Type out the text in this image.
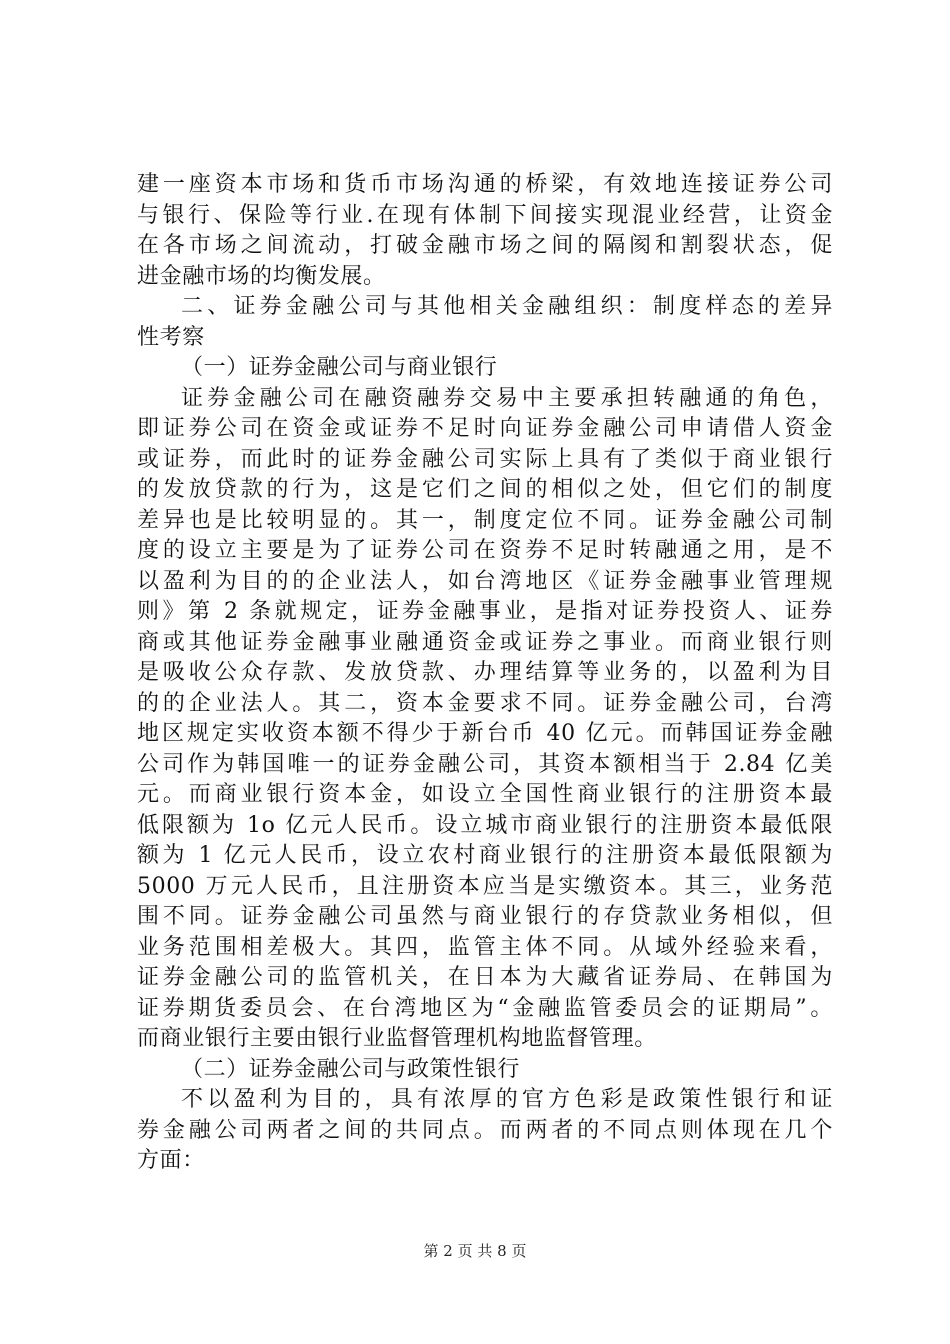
建一座资本市场和货币市场沟通的桥梁，有效地连接证券公司
与银行、保险等行业.在现有体制下间接实现混业经营，让资金
在各市场之间流动，打破金融市场之间的隔阂和割裂状态，促
进金融市场的均衡发展。
二、证券金融公司与其他相关金融组织：制度样态的差异
性考察
（一）证券金融公司与商业银行
证券金融公司在融资融券交易中主要承担转融通的角色，
即证券公司在资金或证券不足时向证券金融公司申请借人资金
或证券，而此时的证券金融公司实际上具有了类似于商业银行
的发放贷款的行为，这是它们之间的相似之处，但它们的制度
差异也是比较明显的。其一，制度定位不同。证券金融公司制
度的设立主要是为了证券公司在资券不足时转融通之用，是不
以盈利为目的的企业法人，如台湾地区《证券金融事业管理规
则》第 2 条就规定，证券金融事业，是指对证券投资人、证券
商或其他证券金融事业融通资金或证券之事业。而商业银行则
是吸收公众存款、发放贷款、办理结算等业务的，以盈利为目
的的企业法人。其二，资本金要求不同。证券金融公司，台湾
地区规定实收资本额不得少于新台币 40 亿元。而韩国证券金融
公司作为韩国唯一的证券金融公司，其资本额相当于 2.84 亿美
元。而商业银行资本金，如设立全国性商业银行的注册资本最
低限额为 1o 亿元人民币。设立城市商业银行的注册资本最低限
额为 1 亿元人民币，设立农村商业银行的注册资本最低限额为
5000 万元人民币，且注册资本应当是实缴资本。其三，业务范
围不同。证券金融公司虽然与商业银行的存贷款业务相似，但
业务范围相差极大。其四，监管主体不同。从域外经验来看，
证券金融公司的监管机关，在日本为大藏省证券局、在韩国为
证券期货委员会、在台湾地区为“金融监管委员会的证期局”。
而商业银行主要由银行业监督管理机构地监督管理。
（二）证券金融公司与政策性银行
不以盈利为目的，具有浓厚的官方色彩是政策性银行和证
券金融公司两者之间的共同点。而两者的不同点则体现在几个
方面：
第 2 页 共 8 页
